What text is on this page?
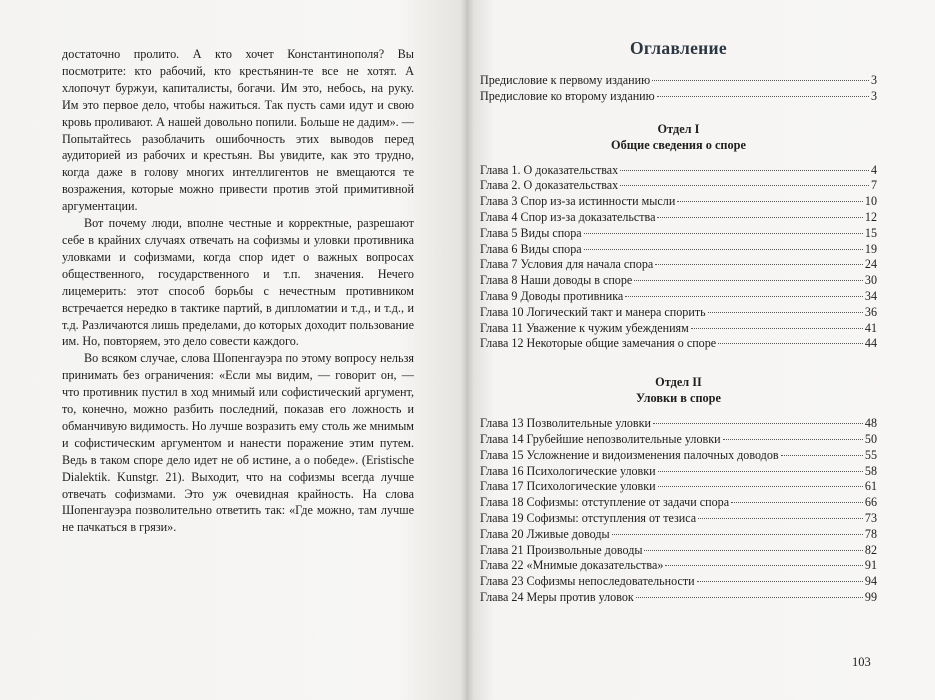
достаточно пролито. А кто хочет Константинополя? Вы посмотрите: кто рабочий, кто крестьянин-те все не хотят. А хлопочут буржуи, капиталисты, богачи. Им это, небось, на руку. Им это первое дело, чтобы нажиться. Так пусть сами идут и свою кровь проливают. А нашей довольно попили. Больше не дадим». — Попытайтесь разоблачить ошибочность этих выводов перед аудиторией из рабочих и крестьян. Вы увидите, как это трудно, когда даже в голову многих интеллигентов не вмещаются те возражения, которые можно привести против этой примитивной аргументации.

Вот почему люди, вполне честные и корректные, разрешают себе в крайних случаях отвечать на софизмы и уловки противника уловками и софизмами, когда спор идет о важных вопросах общественного, государственного и т.п. значения. Нечего лицемерить: этот способ борьбы с нечестным противником встречается нередко в тактике партий, в дипломатии и т.д., и т.д., и т.д. Различаются лишь пределами, до которых доходит пользование им. Но, повторяем, это дело совести каждого.

Во всяком случае, слова Шопенгауэра по этому вопросу нельзя принимать без ограничения: «Если мы видим, — говорит он, — что противник пустил в ход мнимый или софистический аргумент, то, конечно, можно разбить последний, показав его ложность и обманчивую видимость. Но лучше возразить ему столь же мнимым и софистическим аргументом и нанести поражение этим путем. Ведь в таком споре дело идет не об истине, а о победе». (Eristische Dialektik. Kunstgr. 21). Выходит, что на софизмы всегда лучше отвечать софизмами. Это уж очевидная крайность. На слова Шопенгауэра позволительно ответить так: «Где можно, там лучше не пачкаться в грязи».

Оглавление
Предисловие к первому изданию	3
Предисловие ко второму изданию	3
Отдел I
Общие сведения о споре
Глава 1. О доказательствах	4
Глава 2. О доказательствах	7
Глава 3 Спор из-за истинности мысли	10
Глава 4 Спор из-за доказательства	12
Глава 5 Виды спора	15
Глава 6 Виды спора	19
Глава 7 Условия для начала спора	24
Глава 8 Наши доводы в споре	30
Глава 9 Доводы противника	34
Глава 10 Логический такт и манера спорить	36
Глава 11 Уважение к чужим убеждениям	41
Глава 12 Некоторые общие замечания о споре	44
Отдел II
Уловки в споре
Глава 13 Позволительные уловки	48
Глава 14 Грубейшие непозволительные уловки	50
Глава 15 Усложнение и видоизменения палочных доводов	55
Глава 16 Психологические уловки	58
Глава 17 Психологические уловки	61
Глава 18 Софизмы: отступление от задачи спора	66
Глава 19 Софизмы: отступления от тезиса	73
Глава 20 Лживые доводы	78
Глава 21 Произвольные доводы	82
Глава 22 «Мнимые доказательства»	91
Глава 23 Софизмы непоследовательности	94
Глава 24 Меры против уловок	99
103
